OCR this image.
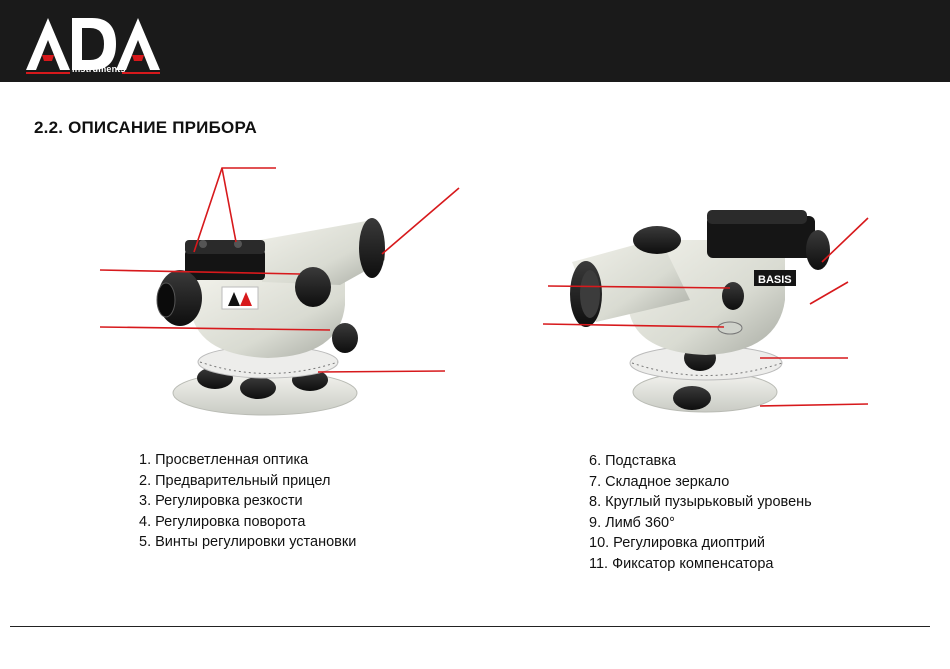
instruments
2.2. ОПИСАНИЕ ПРИБОРА
BASIS
1. Просветленная оптика
2. Предварительный прицел
3. Регулировка резкости
4. Регулировка поворота
5. Винты регулировки установки
6. Подставка
7. Складное зеркало
8. Круглый пузырьковый уровень
9. Лимб 360°
10. Регулировка диоптрий
11. Фиксатор компенсатора
